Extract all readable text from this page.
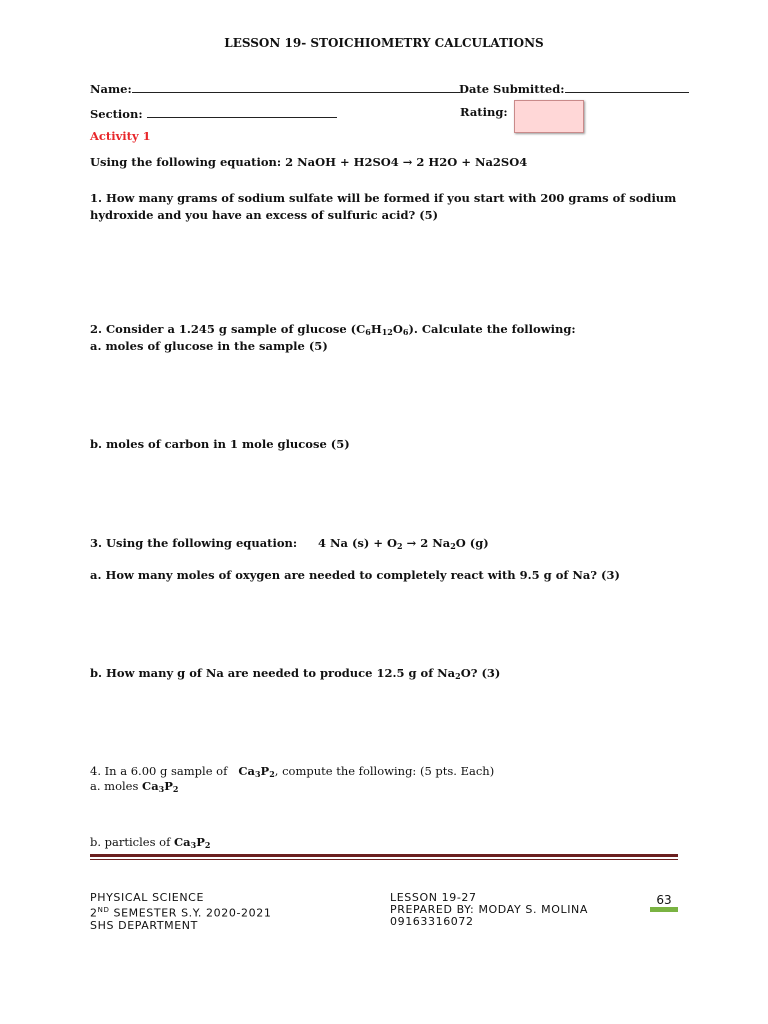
LESSON 19- STOICHIOMETRY CALCULATIONS
Name:	Date Submitted:
Section:	Rating:
Activity 1
Using the following equation: 2 NaOH + H2SO4 → 2 H2O + Na2SO4
1. How many grams of sodium sulfate will be formed if you start with 200 grams of sodium
hydroxide and you have an excess of sulfuric acid? (5)
2. Consider a 1.245 g sample of glucose $(C_6H_{12}O_6)$. Calculate the following:
a. moles of glucose in the sample (5)
b. moles of carbon in 1 mole glucose (5)
3. Using the following equation: 4 Na $(s) + O_2 \to 2$ $Na_2O$ (g)
a. How many moles of oxygen are needed to completely react with 9.5 g of Na? (3)
b. How many g of Na are needed to produce 12.5 g of $Na_2O$? (3)
4. In a 6.00 g sample of   $Ca_3P_2$, compute the following: (5 pts. Each)
a. moles $Ca_3P_2$
b. particles of $Ca_3P_2$
PHYSICAL SCIENCE
2ND SEMESTER S.Y. 2020-2021
SHS DEPARTMENT
LESSON 19-27
PREPARED BY: MODAY S. MOLINA
09163316072
63
